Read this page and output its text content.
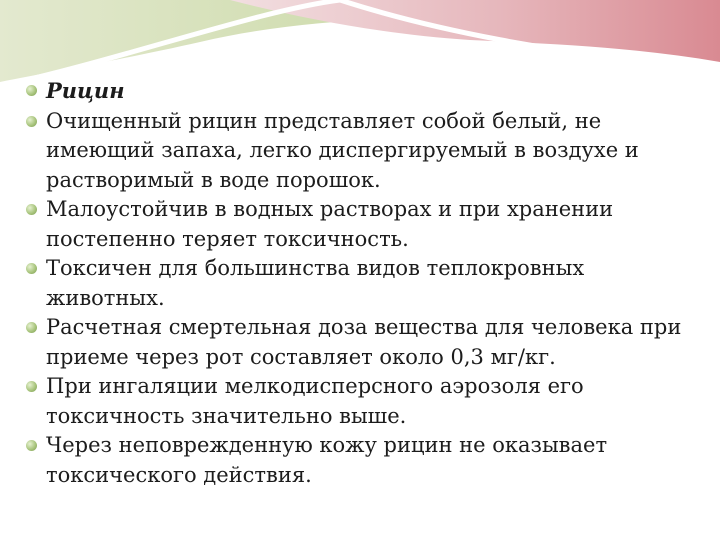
Рицин
Очищенный рицин представляет собой белый, не имеющий запаха, легко диспергируемый в воздухе и растворимый в воде порошок.
Малоустойчив в водных растворах и при хранении постепенно теряет токсичность.
Токсичен для большинства видов теплокровных животных.
Расчетная смертельная доза вещества для человека при приеме через рот составляет около 0,3 мг/кг.
При ингаляции мелкодисперсного аэрозоля его токсичность значительно выше.
Через неповрежденную кожу рицин не оказывает токсического действия.
